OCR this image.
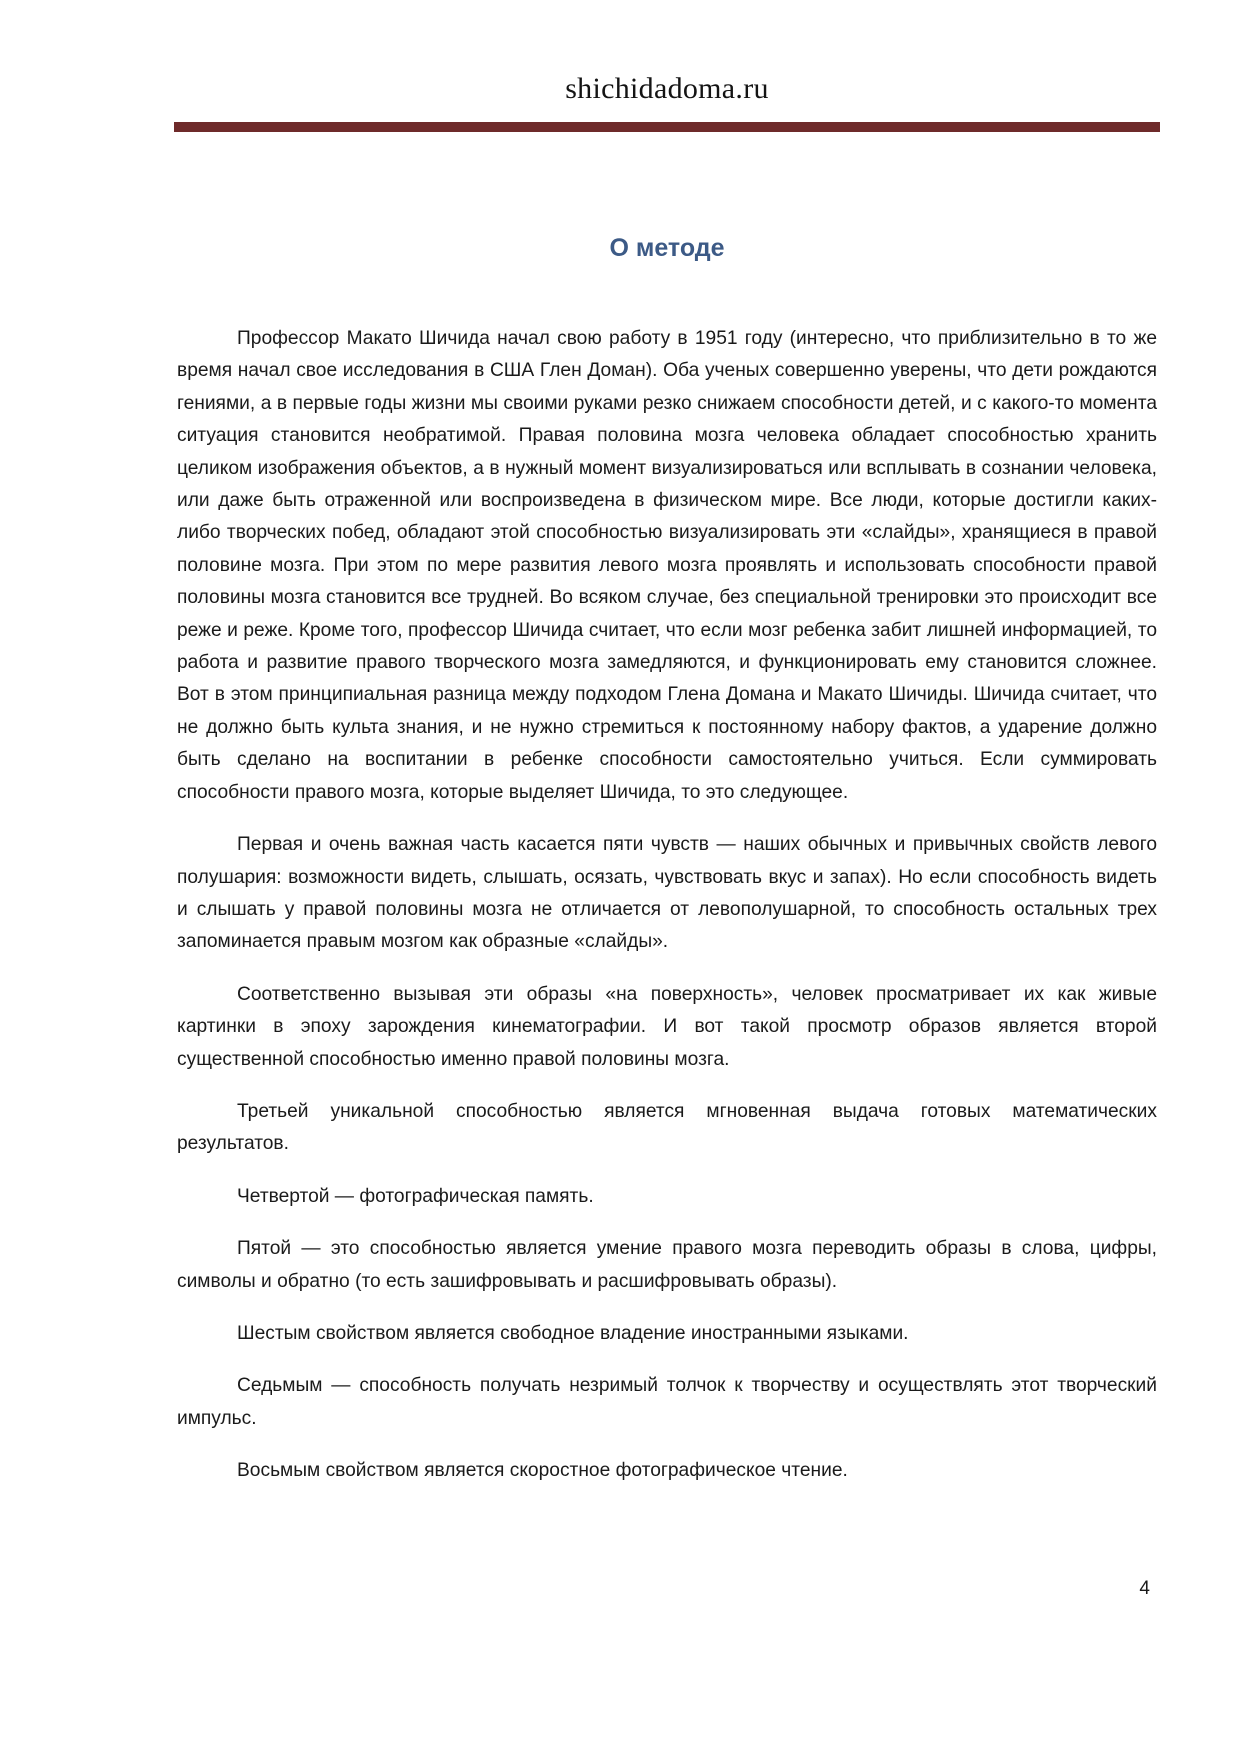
shichidadoma.ru
О методе

Профессор Макато Шичида начал свою работу в 1951 году (интересно, что приблизительно в то же время начал свое исследования в США Глен Доман). Оба ученых совершенно уверены, что дети рождаются гениями, а в первые годы жизни мы своими руками резко снижаем способности детей, и с какого-то момента ситуация становится необратимой. Правая половина мозга человека обладает способностью хранить целиком изображения объектов, а в нужный момент визуализироваться или всплывать в сознании человека, или даже быть отраженной или воспроизведена в физическом мире. Все люди, которые достигли каких-либо творческих побед, обладают этой способностью визуализировать эти «слайды», хранящиеся в правой половине мозга. При этом по мере развития левого мозга проявлять и использовать способности правой половины мозга становится все трудней. Во всяком случае, без специальной тренировки это происходит все реже и реже. Кроме того, профессор Шичида считает, что если мозг ребенка забит лишней информацией, то работа и развитие правого творческого мозга замедляются, и функционировать ему становится сложнее. Вот в этом принципиальная разница между подходом Глена Домана и Макато Шичиды. Шичида считает, что не должно быть культа знания, и не нужно стремиться к постоянному набору фактов, а ударение должно быть сделано на воспитании в ребенке способности самостоятельно учиться. Если суммировать способности правого мозга, которые выделяет Шичида, то это следующее.

Первая и очень важная часть касается пяти чувств — наших обычных и привычных свойств левого полушария: возможности видеть, слышать, осязать, чувствовать вкус и запах). Но если способность видеть и слышать у правой половины мозга не отличается от левополушарной, то способность остальных трех запоминается правым мозгом как образные «слайды».

Соответственно вызывая эти образы «на поверхность», человек просматривает их как живые картинки в эпоху зарождения кинематографии. И вот такой просмотр образов является второй существенной способностью именно правой половины мозга.

Третьей уникальной способностью является мгновенная выдача готовых математических результатов.

Четвертой — фотографическая память.

Пятой — это способностью является умение правого мозга переводить образы в слова, цифры, символы и обратно (то есть зашифровывать и расшифровывать образы).

Шестым свойством является свободное владение иностранными языками.

Седьмым — способность получать незримый толчок к творчеству и осуществлять этот творческий импульс.

Восьмым свойством является скоростное фотографическое чтение.

4
